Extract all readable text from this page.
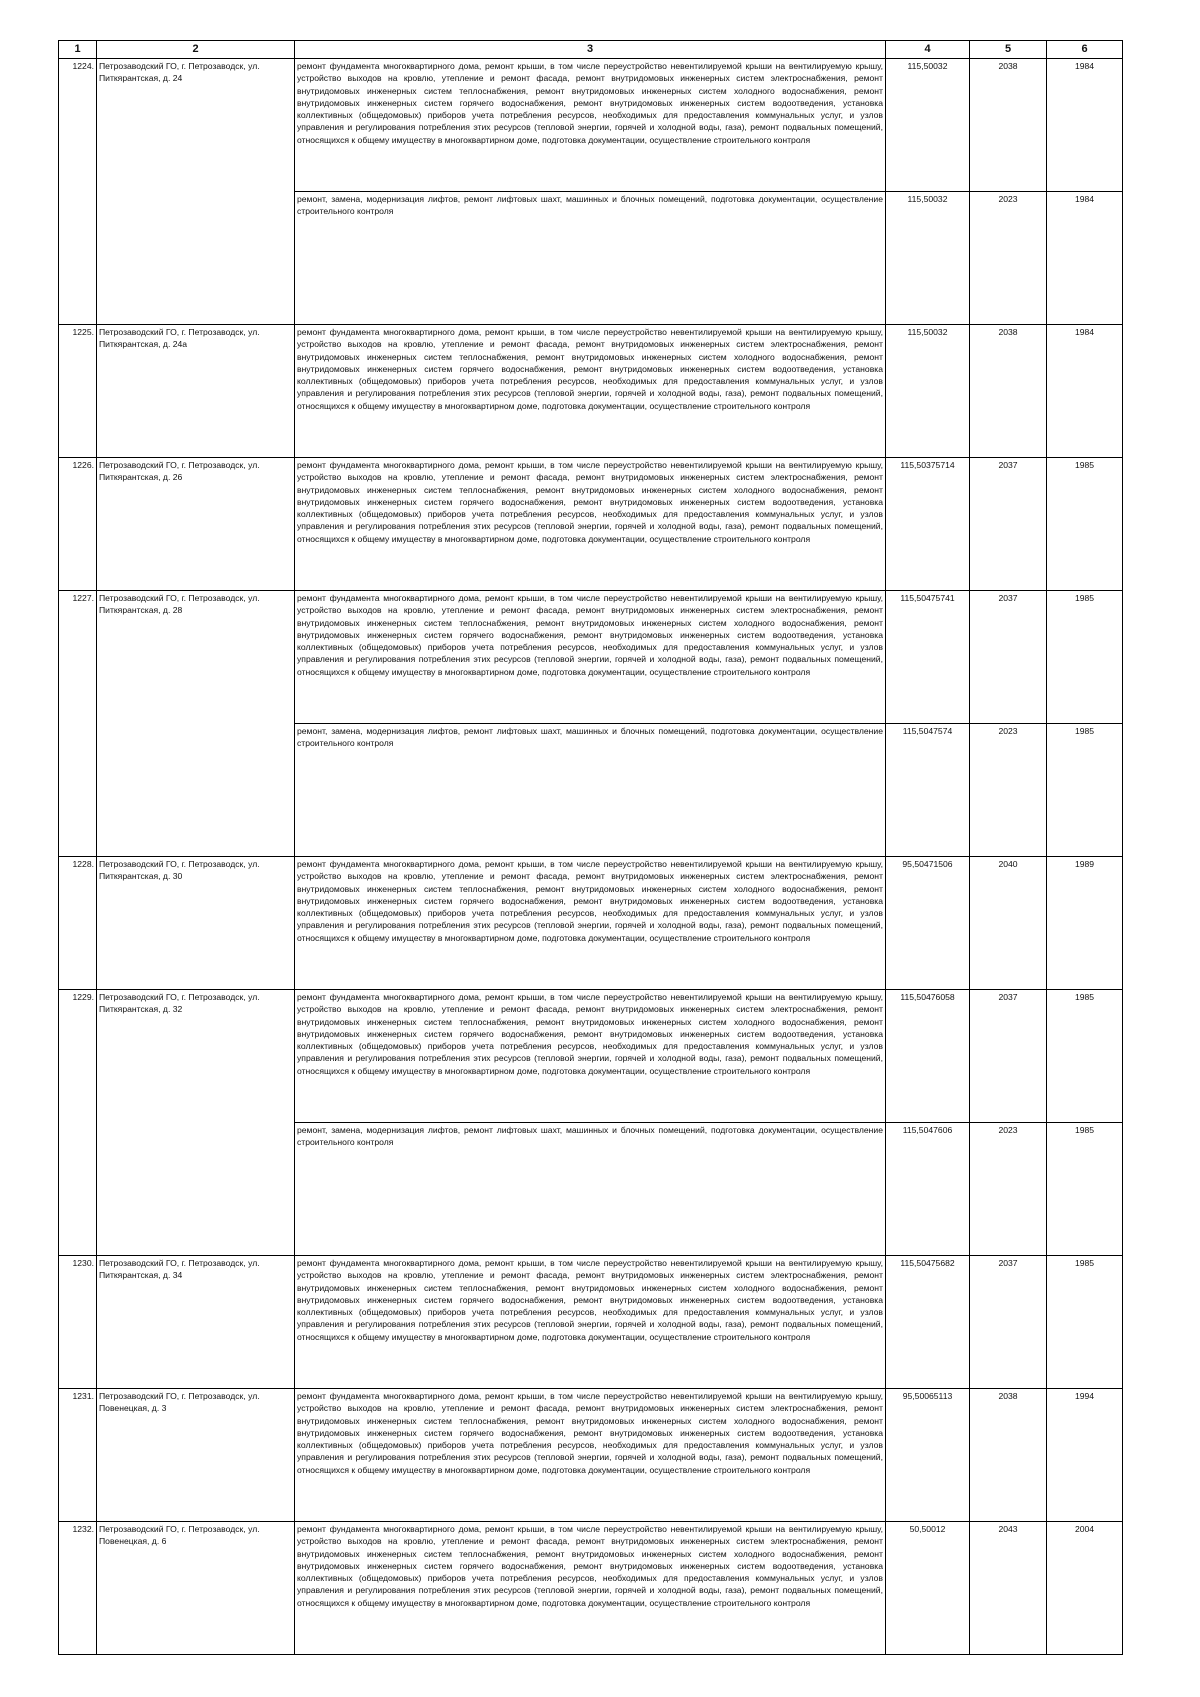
1	2	3	4	5	6
1224.	Петрозаводский ГО, г. Петрозаводск, ул. Питкярантская, д. 24	ремонт фундамента многоквартирного дома, ремонт крыши, в том числе переустройство невентилируемой крыши на вентилируемую крышу, устройство выходов на кровлю, утепление и ремонт фасада, ремонт внутридомовых инженерных систем электроснабжения, ремонт внутридомовых инженерных систем теплоснабжения, ремонт внутридомовых инженерных систем холодного водоснабжения, ремонт внутридомовых инженерных систем горячего водоснабжения, ремонт внутридомовых инженерных систем водоотведения, установка коллективных (общедомовых) приборов учета потребления ресурсов, необходимых для предоставления коммунальных услуг, и узлов управления и регулирования потребления этих ресурсов (тепловой энергии, горячей и холодной воды, газа), ремонт подвальных помещений, относящихся к общему имуществу в многоквартирном доме, подготовка документации, осуществление строительного контроля	115,50032	2038	1984
		ремонт, замена, модернизация лифтов, ремонт лифтовых шахт, машинных и блочных помещений, подготовка документации, осуществление строительного контроля	115,50032	2023	1984
1225.	Петрозаводский ГО, г. Петрозаводск, ул. Питкярантская, д. 24а	ремонт фундамента многоквартирного дома, ремонт крыши, в том числе переустройство невентилируемой крыши на вентилируемую крышу, устройство выходов на кровлю, утепление и ремонт фасада, ремонт внутридомовых инженерных систем электроснабжения, ремонт внутридомовых инженерных систем теплоснабжения, ремонт внутридомовых инженерных систем холодного водоснабжения, ремонт внутридомовых инженерных систем горячего водоснабжения, ремонт внутридомовых инженерных систем водоотведения, установка коллективных (общедомовых) приборов учета потребления ресурсов, необходимых для предоставления коммунальных услуг, и узлов управления и регулирования потребления этих ресурсов (тепловой энергии, горячей и холодной воды, газа), ремонт подвальных помещений, относящихся к общему имуществу в многоквартирном доме, подготовка документации, осуществление строительного контроля	115,50032	2038	1984
1226.	Петрозаводский ГО, г. Петрозаводск, ул. Питкярантская, д. 26	ремонт фундамента многоквартирного дома, ремонт крыши, в том числе переустройство невентилируемой крыши на вентилируемую крышу, устройство выходов на кровлю, утепление и ремонт фасада, ремонт внутридомовых инженерных систем электроснабжения, ремонт внутридомовых инженерных систем теплоснабжения, ремонт внутридомовых инженерных систем холодного водоснабжения, ремонт внутридомовых инженерных систем горячего водоснабжения, ремонт внутридомовых инженерных систем водоотведения, установка коллективных (общедомовых) приборов учета потребления ресурсов, необходимых для предоставления коммунальных услуг, и узлов управления и регулирования потребления этих ресурсов (тепловой энергии, горячей и холодной воды, газа), ремонт подвальных помещений, относящихся к общему имуществу в многоквартирном доме, подготовка документации, осуществление строительного контроля	115,50375714	2037	1985
1227.	Петрозаводский ГО, г. Петрозаводск, ул. Питкярантская, д. 28	ремонт фундамента многоквартирного дома, ремонт крыши, в том числе переустройство невентилируемой крыши на вентилируемую крышу, устройство выходов на кровлю, утепление и ремонт фасада, ремонт внутридомовых инженерных систем электроснабжения, ремонт внутридомовых инженерных систем теплоснабжения, ремонт внутридомовых инженерных систем холодного водоснабжения, ремонт внутридомовых инженерных систем горячего водоснабжения, ремонт внутридомовых инженерных систем водоотведения, установка коллективных (общедомовых) приборов учета потребления ресурсов, необходимых для предоставления коммунальных услуг, и узлов управления и регулирования потребления этих ресурсов (тепловой энергии, горячей и холодной воды, газа), ремонт подвальных помещений, относящихся к общему имуществу в многоквартирном доме, подготовка документации, осуществление строительного контроля	115,50475741	2037	1985
		ремонт, замена, модернизация лифтов, ремонт лифтовых шахт, машинных и блочных помещений, подготовка документации, осуществление строительного контроля	115,5047574	2023	1985
1228.	Петрозаводский ГО, г. Петрозаводск, ул. Питкярантская, д. 30	ремонт фундамента многоквартирного дома, ремонт крыши, в том числе переустройство невентилируемой крыши на вентилируемую крышу, устройство выходов на кровлю, утепление и ремонт фасада, ремонт внутридомовых инженерных систем электроснабжения, ремонт внутридомовых инженерных систем теплоснабжения, ремонт внутридомовых инженерных систем холодного водоснабжения, ремонт внутридомовых инженерных систем горячего водоснабжения, ремонт внутридомовых инженерных систем водоотведения, установка коллективных (общедомовых) приборов учета потребления ресурсов, необходимых для предоставления коммунальных услуг, и узлов управления и регулирования потребления этих ресурсов (тепловой энергии, горячей и холодной воды, газа), ремонт подвальных помещений, относящихся к общему имуществу в многоквартирном доме, подготовка документации, осуществление строительного контроля	95,50471506	2040	1989
1229.	Петрозаводский ГО, г. Петрозаводск, ул. Питкярантская, д. 32	ремонт фундамента многоквартирного дома, ремонт крыши, в том числе переустройство невентилируемой крыши на вентилируемую крышу, устройство выходов на кровлю, утепление и ремонт фасада, ремонт внутридомовых инженерных систем электроснабжения, ремонт внутридомовых инженерных систем теплоснабжения, ремонт внутридомовых инженерных систем холодного водоснабжения, ремонт внутридомовых инженерных систем горячего водоснабжения, ремонт внутридомовых инженерных систем водоотведения, установка коллективных (общедомовых) приборов учета потребления ресурсов, необходимых для предоставления коммунальных услуг, и узлов управления и регулирования потребления этих ресурсов (тепловой энергии, горячей и холодной воды, газа), ремонт подвальных помещений, относящихся к общему имуществу в многоквартирном доме, подготовка документации, осуществление строительного контроля	115,50476058	2037	1985
		ремонт, замена, модернизация лифтов, ремонт лифтовых шахт, машинных и блочных помещений, подготовка документации, осуществление строительного контроля	115,5047606	2023	1985
1230.	Петрозаводский ГО, г. Петрозаводск, ул. Питкярантская, д. 34	ремонт фундамента многоквартирного дома, ремонт крыши, в том числе переустройство невентилируемой крыши на вентилируемую крышу, устройство выходов на кровлю, утепление и ремонт фасада, ремонт внутридомовых инженерных систем электроснабжения, ремонт внутридомовых инженерных систем теплоснабжения, ремонт внутридомовых инженерных систем холодного водоснабжения, ремонт внутридомовых инженерных систем горячего водоснабжения, ремонт внутридомовых инженерных систем водоотведения, установка коллективных (общедомовых) приборов учета потребления ресурсов, необходимых для предоставления коммунальных услуг, и узлов управления и регулирования потребления этих ресурсов (тепловой энергии, горячей и холодной воды, газа), ремонт подвальных помещений, относящихся к общему имуществу в многоквартирном доме, подготовка документации, осуществление строительного контроля	115,50475682	2037	1985
1231.	Петрозаводский ГО, г. Петрозаводск, ул. Повенецкая, д. 3	ремонт фундамента многоквартирного дома, ремонт крыши, в том числе переустройство невентилируемой крыши на вентилируемую крышу, устройство выходов на кровлю, утепление и ремонт фасада, ремонт внутридомовых инженерных систем электроснабжения, ремонт внутридомовых инженерных систем теплоснабжения, ремонт внутридомовых инженерных систем холодного водоснабжения, ремонт внутридомовых инженерных систем горячего водоснабжения, ремонт внутридомовых инженерных систем водоотведения, установка коллективных (общедомовых) приборов учета потребления ресурсов, необходимых для предоставления коммунальных услуг, и узлов управления и регулирования потребления этих ресурсов (тепловой энергии, горячей и холодной воды, газа), ремонт подвальных помещений, относящихся к общему имуществу в многоквартирном доме, подготовка документации, осуществление строительного контроля	95,50065113	2038	1994
1232.	Петрозаводский ГО, г. Петрозаводск, ул. Повенецкая, д. 6	ремонт фундамента многоквартирного дома, ремонт крыши, в том числе переустройство невентилируемой крыши на вентилируемую крышу, устройство выходов на кровлю, утепление и ремонт фасада, ремонт внутридомовых инженерных систем электроснабжения, ремонт внутридомовых инженерных систем теплоснабжения, ремонт внутридомовых инженерных систем холодного водоснабжения, ремонт внутридомовых инженерных систем горячего водоснабжения, ремонт внутридомовых инженерных систем водоотведения, установка коллективных (общедомовых) приборов учета потребления ресурсов, необходимых для предоставления коммунальных услуг, и узлов управления и регулирования потребления этих ресурсов (тепловой энергии, горячей и холодной воды, газа), ремонт подвальных помещений, относящихся к общему имуществу в многоквартирном доме, подготовка документации, осуществление строительного контроля	50,50012	2043	2004
